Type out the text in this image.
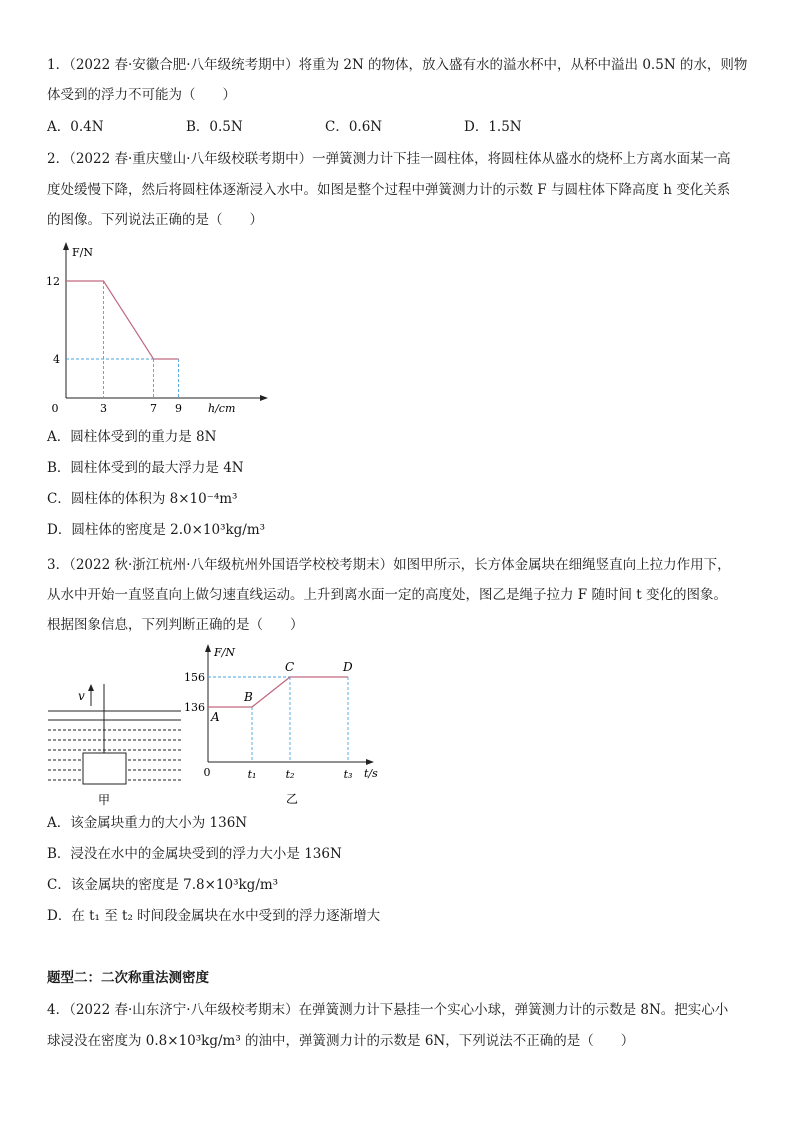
1．（2022 春·安徽合肥·八年级统考期中）将重为 2N 的物体，放入盛有水的溢水杯中，从杯中溢出 0.5N 的水，则物
体受到的浮力不可能为（　　）
A．0.4N	B．0.5N	C．0.6N	D．1.5N
2．（2022 春·重庆璧山·八年级校联考期中）一弹簧测力计下挂一圆柱体，将圆柱体从盛水的烧杯上方离水面某一高
度处缓慢下降，然后将圆柱体逐渐浸入水中。如图是整个过程中弹簧测力计的示数 F 与圆柱体下降高度 h 变化关系
的图像。下列说法正确的是（　　）
F/N
h/cm
0	3	7 9
12
4
A．圆柱体受到的重力是 8N
B．圆柱体受到的最大浮力是 4N
C．圆柱体的体积为 8×10⁻⁴m³
D．圆柱体的密度是 2.0×10³kg/m³
3．（2022 秋·浙江杭州·八年级杭州外国语学校校考期末）如图甲所示，长方体金属块在细绳竖直向上拉力作用下，
从水中开始一直竖直向上做匀速直线运动。上升到离水面一定的高度处，图乙是绳子拉力 F 随时间 t 变化的图象。
根据图象信息，下列判断正确的是（　　）
v
甲
F/N
t/s
0	t₁	t₂	t₃
156
136
A
B
C	D
乙
A．该金属块重力的大小为 136N
B．浸没在水中的金属块受到的浮力大小是 136N
C．该金属块的密度是 7.8×10³kg/m³
D．在 t₁ 至 t₂ 时间段金属块在水中受到的浮力逐渐增大
题型二：二次称重法测密度
4．（2022 春·山东济宁·八年级校考期末）在弹簧测力计下悬挂一个实心小球，弹簧测力计的示数是 8N。把实心小
球浸没在密度为 0.8×10³kg/m³ 的油中，弹簧测力计的示数是 6N，下列说法不正确的是（　　）
